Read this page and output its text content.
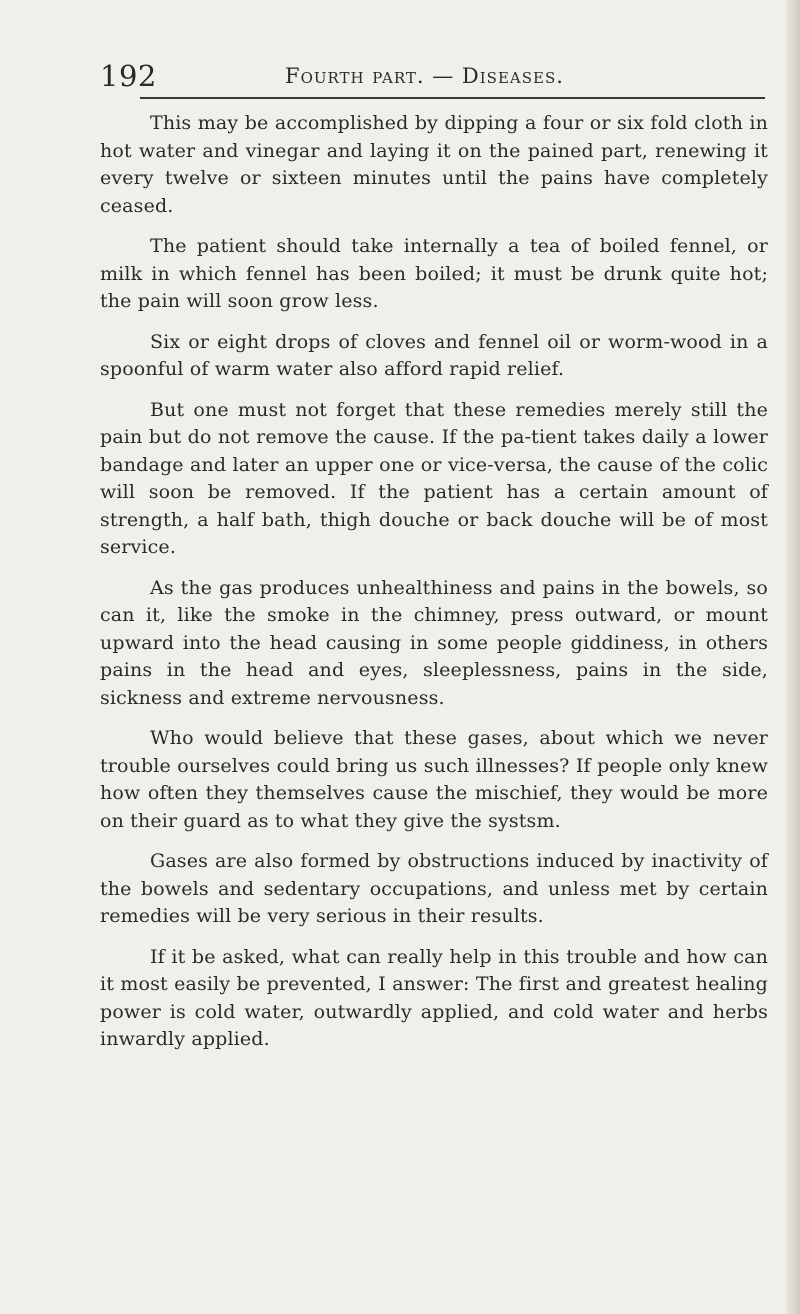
192	Fourth part. — Diseases.

This may be accomplished by dipping a four or six fold cloth in hot water and vinegar and laying it on the pained part, renewing it every twelve or sixteen minutes until the pains have completely ceased.

The patient should take internally a tea of boiled fennel, or milk in which fennel has been boiled; it must be drunk quite hot; the pain will soon grow less.

Six or eight drops of cloves and fennel oil or worm-wood in a spoonful of warm water also afford rapid relief.

But one must not forget that these remedies merely still the pain but do not remove the cause. If the pa-tient takes daily a lower bandage and later an upper one or vice-versa, the cause of the colic will soon be removed. If the patient has a certain amount of strength, a half bath, thigh douche or back douche will be of most service.

As the gas produces unhealthiness and pains in the bowels, so can it, like the smoke in the chimney, press outward, or mount upward into the head causing in some people giddiness, in others pains in the head and eyes, sleeplessness, pains in the side, sickness and extreme nervousness.

Who would believe that these gases, about which we never trouble ourselves could bring us such illnesses? If people only knew how often they themselves cause the mischief, they would be more on their guard as to what they give the systsm.

Gases are also formed by obstructions induced by inactivity of the bowels and sedentary occupations, and unless met by certain remedies will be very serious in their results.

If it be asked, what can really help in this trouble and how can it most easily be prevented, I answer: The first and greatest healing power is cold water, outwardly applied, and cold water and herbs inwardly applied.
